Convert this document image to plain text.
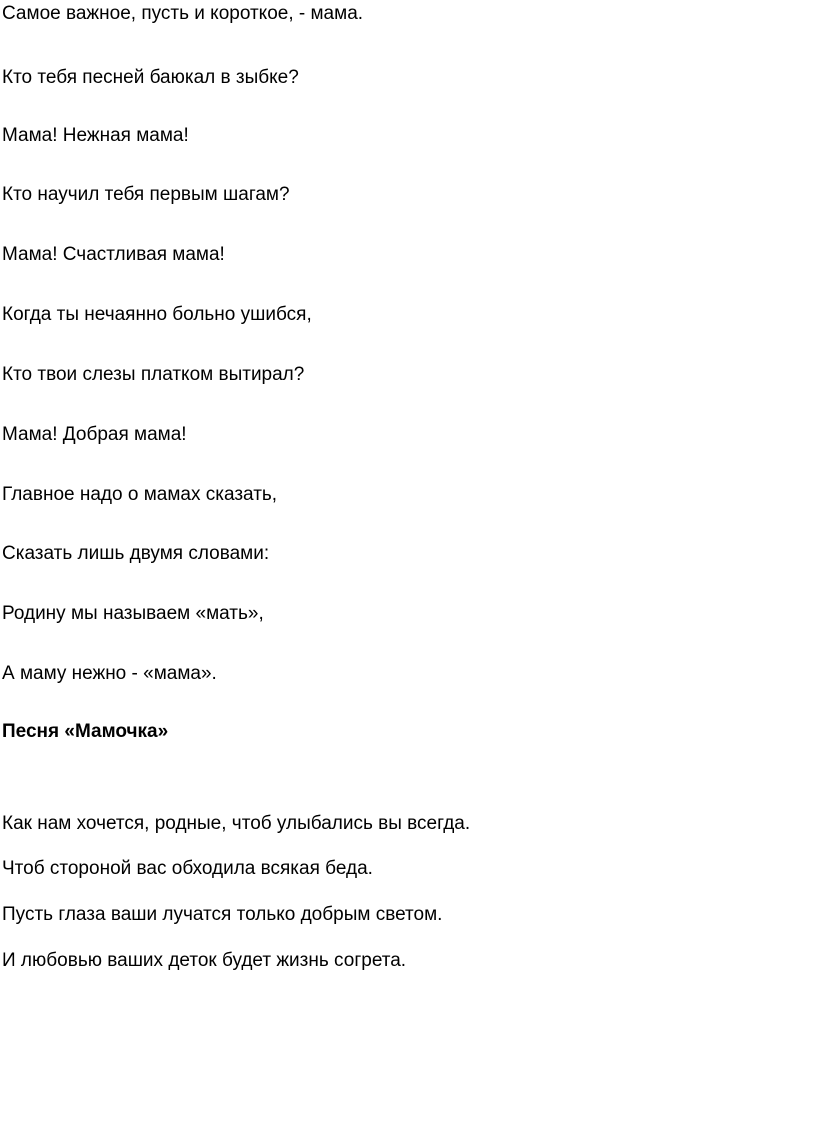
Самое важное, пусть и короткое, - мама.
Кто тебя песней баюкал в зыбке?
Мама! Нежная мама!
Кто научил тебя первым шагам?
Мама! Счастливая мама!
Когда ты нечаянно больно ушибся,
Кто твои слезы платком вытирал?
Мама! Добрая мама!
Главное надо о мамах сказать,
Сказать лишь двумя словами:
Родину мы называем «мать»,
А маму нежно - «мама».
Песня «Мамочка»
Как нам хочется, родные, чтоб улыбались вы всегда.
Чтоб стороной вас обходила всякая беда.
Пусть глаза ваши лучатся только добрым светом.
И любовью ваших деток будет жизнь согрета.
